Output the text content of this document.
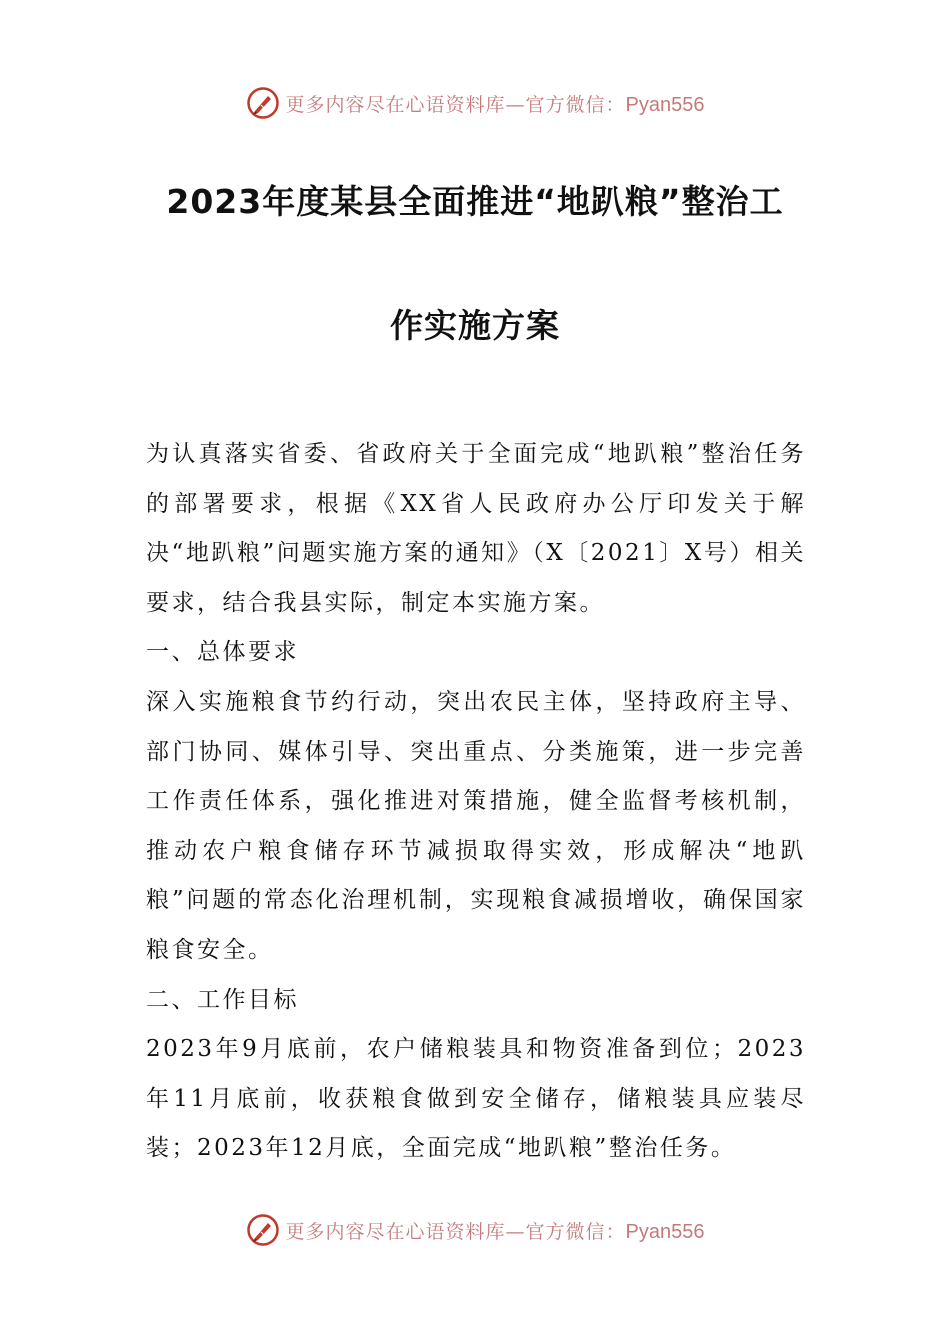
更多内容尽在心语资料库—官方微信：Pyan556
2023年度某县全面推进“地趴粮”整治工
作实施方案

为认真落实省委、省政府关于全面完成“地趴粮”整治任务的部署要求，根据《XX省人民政府办公厅印发关于解决“地趴粮”问题实施方案的通知》（X〔2021〕X号）相关要求，结合我县实际，制定本实施方案。

一、总体要求

深入实施粮食节约行动，突出农民主体，坚持政府主导、部门协同、媒体引导、突出重点、分类施策，进一步完善工作责任体系，强化推进对策措施，健全监督考核机制，推动农户粮食储存环节减损取得实效，形成解决“地趴粮”问题的常态化治理机制，实现粮食减损增收，确保国家粮食安全。

二、工作目标

2023年9月底前，农户储粮装具和物资准备到位；2023年11月底前，收获粮食做到安全储存，储粮装具应装尽装；2023年12月底，全面完成“地趴粮”整治任务。

更多内容尽在心语资料库—官方微信：Pyan556
